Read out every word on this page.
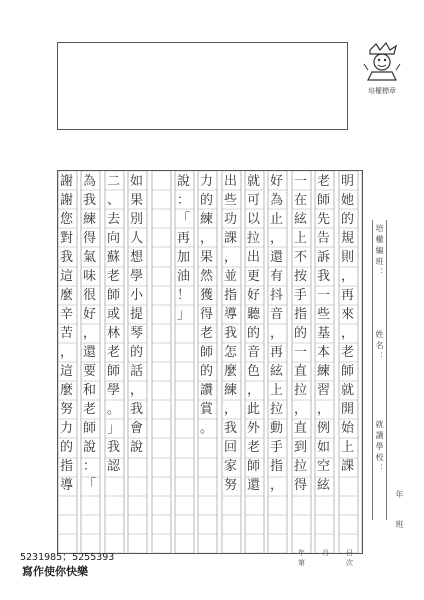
培權標章
明
她
的
規
則
，
再
來
，
老
師
就
開
始
上
課
老
師
先
告
訴
我
一
些
基
本
練
習
，
例
如
空
絃
一
在
絃
上
不
按
手
指
的
一
直
拉
，
直
到
拉
得
好
為
止
，
還
有
抖
音
，
再
絃
上
拉
動
手
指
，
就
可
以
拉
出
更
好
聽
的
音
色
，
此
外
老
師
還
出
些
功
課
，
並
指
導
我
怎
麼
練
，
我
回
家
努
力
的
練
，
果
然
獲
得
老
師
的
讚
賞
。
說
：
「
再
加
油
！
」
如
果
別
人
想
學
小
提
琴
的
話
，
我
會
說
二
、
去
向
蘇
老
師
或
林
老
師
學
。
」
我
認
為
我
練
得
氣
味
很
好
，
還
要
和
老
師
說
：
「
謝
謝
您
對
我
這
麼
辛
苦
，
這
麼
努
力
的
指
導
培權編班：
姓名：
就讀學校：
年
班
5231985；5255393
寫作使你快樂
年 月 日
第	次
